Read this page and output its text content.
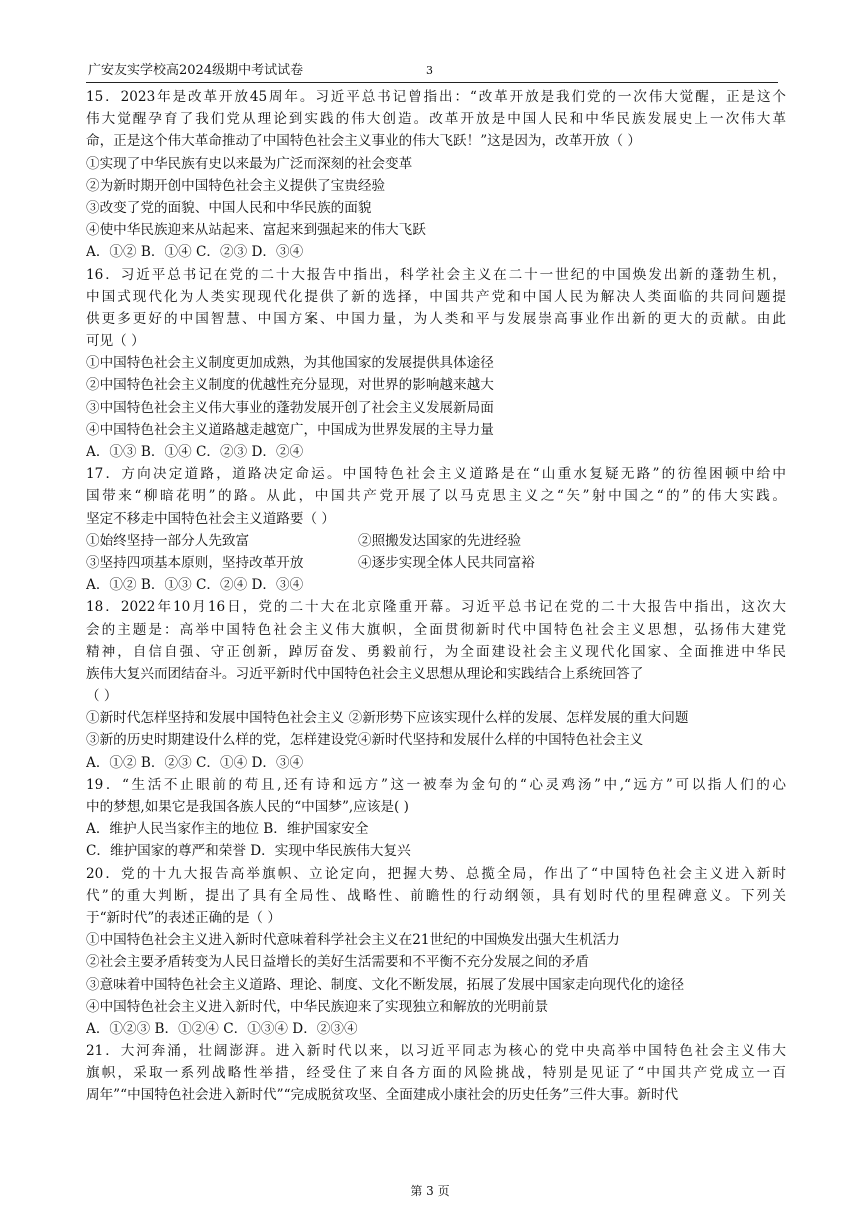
广安友实学校高2024级期中考试试卷	3
15．2023年是改革开放45周年。习近平总书记曾指出：“改革开放是我们党的一次伟大觉醒，正是这个
伟大觉醒孕育了我们党从理论到实践的伟大创造。改革开放是中国人民和中华民族发展史上一次伟大革
命，正是这个伟大革命推动了中国特色社会主义事业的伟大飞跃！”这是因为，改革开放（ ）
①实现了中华民族有史以来最为广泛而深刻的社会变革
②为新时期开创中国特色社会主义提供了宝贵经验
③改变了党的面貌、中国人民和中华民族的面貌
④使中华民族迎来从站起来、富起来到强起来的伟大飞跃
A．①② B．①④ C．②③ D．③④
16．习近平总书记在党的二十大报告中指出，科学社会主义在二十一世纪的中国焕发出新的蓬勃生机，
中国式现代化为人类实现现代化提供了新的选择，中国共产党和中国人民为解决人类面临的共同问题提
供更多更好的中国智慧、中国方案、中国力量，为人类和平与发展崇高事业作出新的更大的贡献。由此
可见（ ）
①中国特色社会主义制度更加成熟，为其他国家的发展提供具体途径
②中国特色社会主义制度的优越性充分显现，对世界的影响越来越大
③中国特色社会主义伟大事业的蓬勃发展开创了社会主义发展新局面
④中国特色社会主义道路越走越宽广，中国成为世界发展的主导力量
A．①③ B．①④ C．②③ D．②④
17．方向决定道路，道路决定命运。中国特色社会主义道路是在“山重水复疑无路”的彷徨困顿中给中
国带来“柳暗花明”的路。从此，中国共产党开展了以马克思主义之“矢”射中国之“的”的伟大实践。
坚定不移走中国特色社会主义道路要（ ）
①始终坚持一部分人先致富	②照搬发达国家的先进经验
③坚持四项基本原则，坚持改革开放	④逐步实现全体人民共同富裕
A．①② B．①③ C．②④ D．③④
18．2022年10月16日，党的二十大在北京隆重开幕。习近平总书记在党的二十大报告中指出，这次大
会的主题是：高举中国特色社会主义伟大旗帜，全面贯彻新时代中国特色社会主义思想，弘扬伟大建党
精神，自信自强、守正创新，踔厉奋发、勇毅前行，为全面建设社会主义现代化国家、全面推进中华民
族伟大复兴而团结奋斗。习近平新时代中国特色社会主义思想从理论和实践结合上系统回答了
（ ）
①新时代怎样坚持和发展中国特色社会主义 ②新形势下应该实现什么样的发展、怎样发展的重大问题
③新的历史时期建设什么样的党，怎样建设党④新时代坚持和发展什么样的中国特色社会主义
A．①② B．②③ C．①④ D．③④
19．“生活不止眼前的苟且,还有诗和远方”这一被奉为金句的“心灵鸡汤”中,“远方”可以指人们的心
中的梦想,如果它是我国各族人民的“中国梦”,应该是( )
A．维护人民当家作主的地位 B．维护国家安全
C．维护国家的尊严和荣誉 D．实现中华民族伟大复兴
20．党的十九大报告高举旗帜、立论定向，把握大势、总揽全局，作出了“中国特色社会主义进入新时
代”的重大判断，提出了具有全局性、战略性、前瞻性的行动纲领，具有划时代的里程碑意义。下列关
于“新时代”的表述正确的是（ ）
①中国特色社会主义进入新时代意味着科学社会主义在21世纪的中国焕发出强大生机活力
②社会主要矛盾转变为人民日益增长的美好生活需要和不平衡不充分发展之间的矛盾
③意味着中国特色社会主义道路、理论、制度、文化不断发展，拓展了发展中国家走向现代化的途径
④中国特色社会主义进入新时代，中华民族迎来了实现独立和解放的光明前景
A．①②③ B．①②④ C．①③④ D．②③④
21．大河奔涌，壮阔澎湃。进入新时代以来，以习近平同志为核心的党中央高举中国特色社会主义伟大
旗帜，采取一系列战略性举措，经受住了来自各方面的风险挑战，特别是见证了“中国共产党成立一百
周年”“中国特色社会进入新时代”“完成脱贫攻坚、全面建成小康社会的历史任务”三件大事。新时代
第 3 页
